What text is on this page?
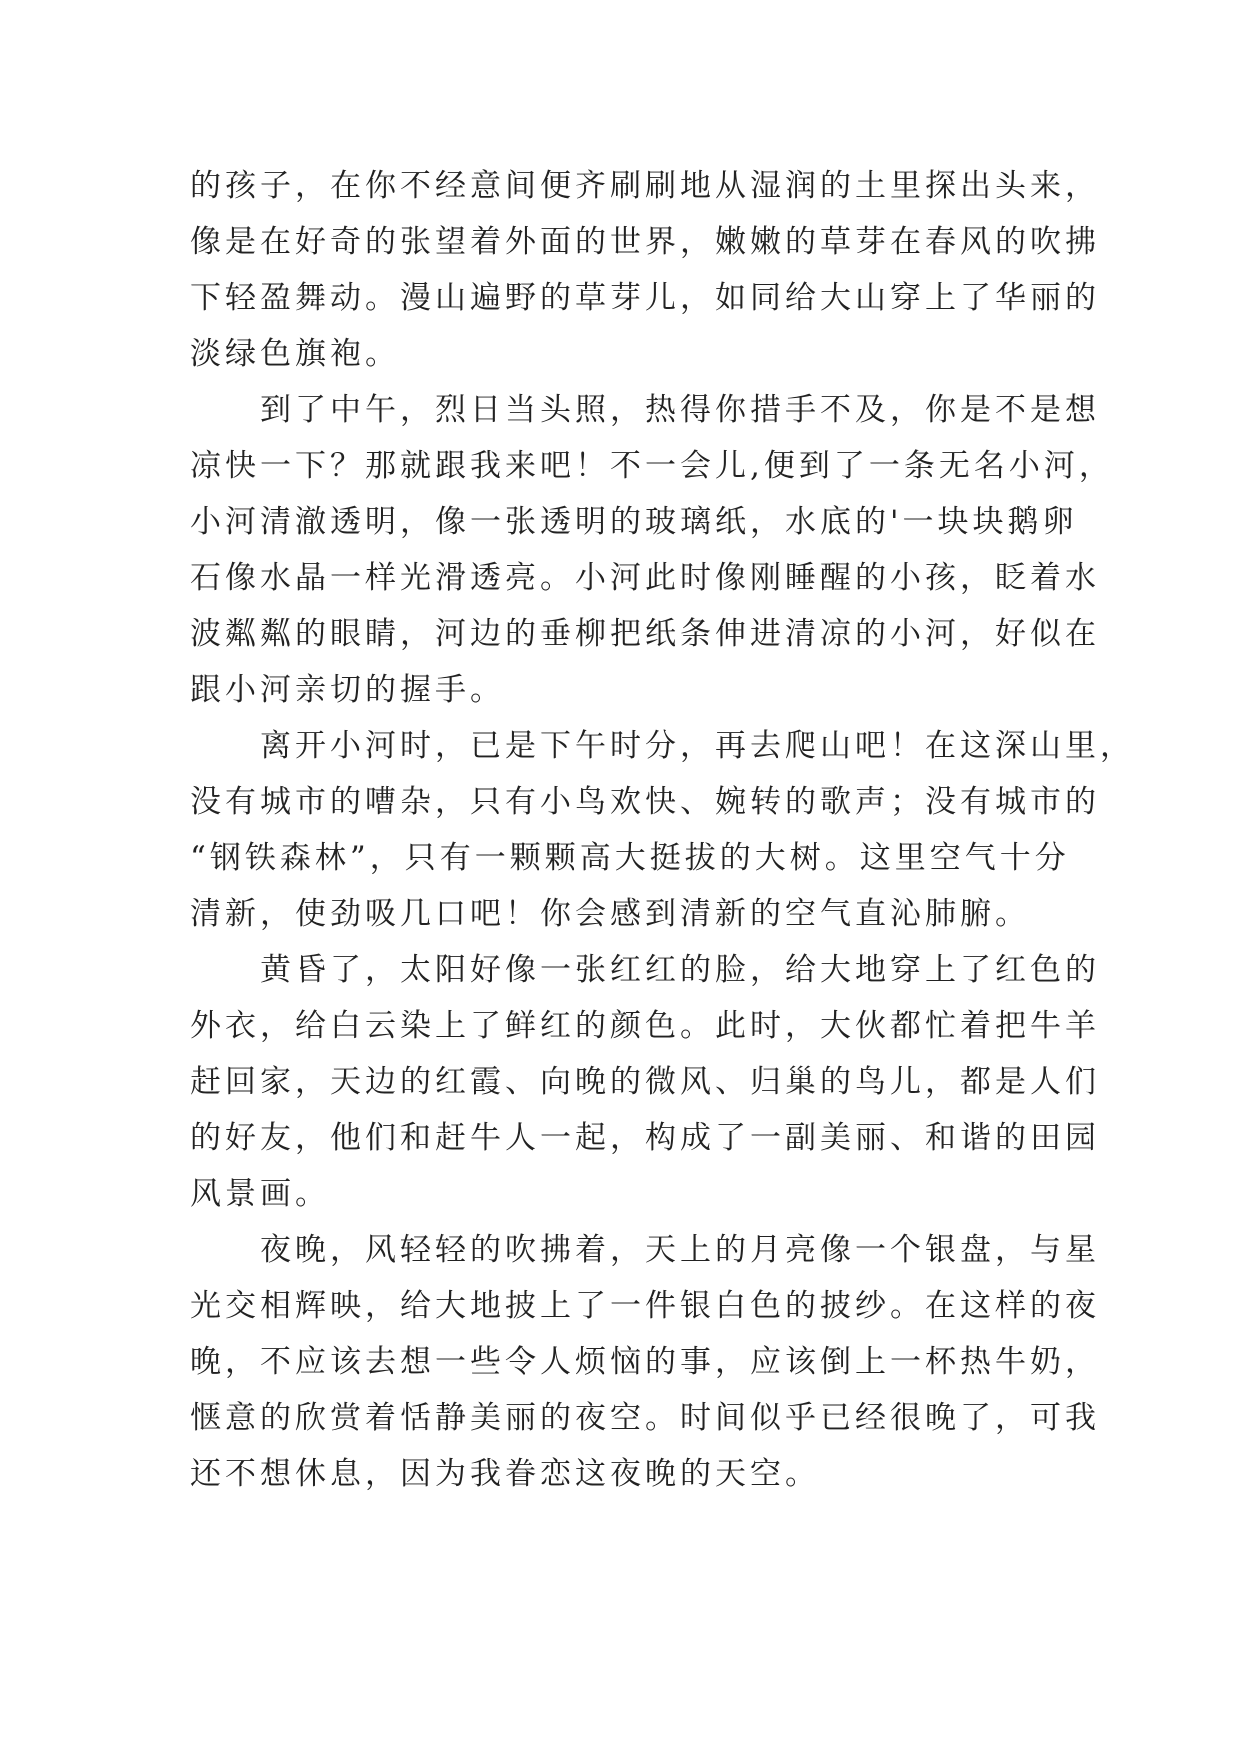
的孩子，在你不经意间便齐刷刷地从湿润的土里探出头来，
像是在好奇的张望着外面的世界，嫩嫩的草芽在春风的吹拂
下轻盈舞动。漫山遍野的草芽儿，如同给大山穿上了华丽的
淡绿色旗袍。
到了中午，烈日当头照，热得你措手不及，你是不是想
凉快一下？那就跟我来吧！不一会儿,便到了一条无名小河，
小河清澈透明，像一张透明的玻璃纸，水底的'一块块鹅卵
石像水晶一样光滑透亮。小河此时像刚睡醒的小孩，眨着水
波粼粼的眼睛，河边的垂柳把纸条伸进清凉的小河，好似在
跟小河亲切的握手。
离开小河时，已是下午时分，再去爬山吧！在这深山里，
没有城市的嘈杂，只有小鸟欢快、婉转的歌声；没有城市的
“钢铁森林”，只有一颗颗高大挺拔的大树。这里空气十分
清新，使劲吸几口吧！你会感到清新的空气直沁肺腑。
黄昏了，太阳好像一张红红的脸，给大地穿上了红色的
外衣，给白云染上了鲜红的颜色。此时，大伙都忙着把牛羊
赶回家，天边的红霞、向晚的微风、归巢的鸟儿，都是人们
的好友，他们和赶牛人一起，构成了一副美丽、和谐的田园
风景画。
夜晚，风轻轻的吹拂着，天上的月亮像一个银盘，与星
光交相辉映，给大地披上了一件银白色的披纱。在这样的夜
晚，不应该去想一些令人烦恼的事，应该倒上一杯热牛奶，
惬意的欣赏着恬静美丽的夜空。时间似乎已经很晚了，可我
还不想休息，因为我眷恋这夜晚的天空。
